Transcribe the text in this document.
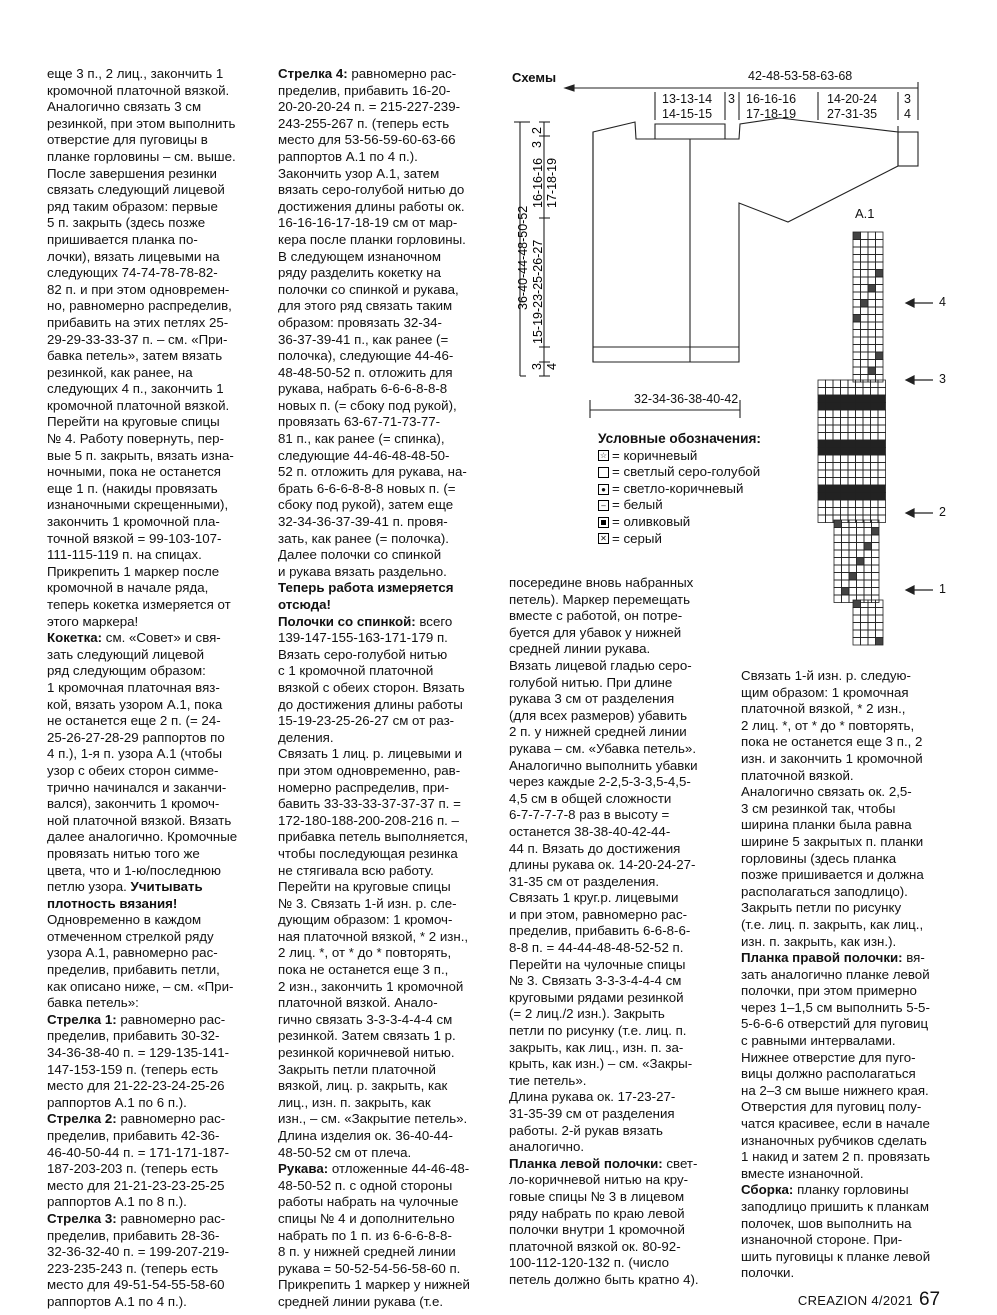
еще 3 п., 2 лиц., закончить 1
кромочной платочной вязкой.
Аналогично связать 3 см
резинкой, при этом выполнить
отверстие для пуговицы в
планке горловины – см. выше.
После завершения резинки
связать следующий лицевой
ряд таким образом: первые
5 п. закрыть (здесь позже
пришивается планка по-
лочки), вязать лицевыми на
следующих 74-74-78-78-82-
82 п. и при этом одновремен-
но, равномерно распределив,
прибавить на этих петлях 25-
29-29-33-33-37 п. – см. «При-
бавка петель», затем вязать
резинкой, как ранее, на
следующих 4 п., закончить 1
кромочной платочной вязкой.
Перейти на круговые спицы
№ 4. Работу повернуть, пер-
вые 5 п. закрыть, вязать изна-
ночными, пока не останется
еще 1 п. (накиды провязать
изнаночными скрещенными),
закончить 1 кромочной пла-
точной вязкой = 99-103-107-
111-115-119 п. на спицах.
Прикрепить 1 маркер после
кромочной в начале ряда,
теперь кокетка измеряется от
этого маркера!
Кокетка: см. «Совет» и свя-
зать следующий лицевой
ряд следующим образом:
1 кромочная платочная вяз-
кой, вязать узором А.1, пока
не останется еще 2 п. (= 24-
25-26-27-28-29 раппортов по
4 п.), 1-я п. узора А.1 (чтобы
узор с обеих сторон симме-
трично начинался и заканчи-
вался), закончить 1 кромоч-
ной платочной вязкой. Вязать
далее аналогично. Кромочные
провязать нитью того же
цвета, что и 1-ю/последнюю
петлю узора. Учитывать
плотность вязания!
Одновременно в каждом
отмеченном стрелкой ряду
узора А.1, равномерно рас-
пределив, прибавить петли,
как описано ниже, – см. «При-
бавка петель»:
Стрелка 1: равномерно рас-
пределив, прибавить 30-32-
34-36-38-40 п. = 129-135-141-
147-153-159 п. (теперь есть
место для 21-22-23-24-25-26
раппортов А.1 по 6 п.).
Стрелка 2: равномерно рас-
пределив, прибавить 42-36-
46-40-50-44 п. = 171-171-187-
187-203-203 п. (теперь есть
место для 21-21-23-23-25-25
раппортов А.1 по 8 п.).
Стрелка 3: равномерно рас-
пределив, прибавить 28-36-
32-36-32-40 п. = 199-207-219-
223-235-243 п. (теперь есть
место для 49-51-54-55-58-60
раппортов А.1 по 4 п.).
Стрелка 4: равномерно рас-
пределив, прибавить 16-20-
20-20-20-24 п. = 215-227-239-
243-255-267 п. (теперь есть
место для 53-56-59-60-63-66
раппортов А.1 по 4 п.).
Закончить узор А.1, затем
вязать серо-голубой нитью до
достижения длины работы ок.
16-16-16-17-18-19 см от мар-
кера после планки горловины.
В следующем изнаночном
ряду разделить кокетку на
полочки со спинкой и рукава,
для этого ряд связать таким
образом: провязать 32-34-
36-37-39-41 п., как ранее (=
полочка), следующие 44-46-
48-48-50-52 п. отложить для
рукава, набрать 6-6-6-8-8-8
новых п. (= сбоку под рукой),
провязать 63-67-71-73-77-
81 п., как ранее (= спинка),
следующие 44-46-48-48-50-
52 п. отложить для рукава, на-
брать 6-6-6-8-8-8 новых п. (=
сбоку под рукой), затем еще
32-34-36-37-39-41 п. провя-
зать, как ранее (= полочка).
Далее полочки со спинкой
и рукава вязать раздельно.
Теперь работа измеряется
отсюда!
Полочки со спинкой: всего
139-147-155-163-171-179 п.
Вязать серо-голубой нитью
с 1 кромочной платочной
вязкой с обеих сторон. Вязать
до достижения длины работы
15-19-23-25-26-27 см от раз-
деления.
Связать 1 лиц. р. лицевыми и
при этом одновременно, рав-
номерно распределив, при-
бавить 33-33-33-37-37-37 п. =
172-180-188-200-208-216 п. –
прибавка петель выполняется,
чтобы последующая резинка
не стягивала всю работу.
Перейти на круговые спицы
№ 3. Связать 1-й изн. р. сле-
дующим образом: 1 кромоч-
ная платочной вязкой, * 2 изн.,
2 лиц. *, от * до * повторять,
пока не останется еще 3 п.,
2 изн., закончить 1 кромочной
платочной вязкой. Анало-
гично связать 3-3-3-4-4-4 см
резинкой. Затем связать 1 р.
резинкой коричневой нитью.
Закрыть петли платочной
вязкой, лиц. р. закрыть, как
лиц., изн. п. закрыть, как
изн., – см. «Закрытие петель».
Длина изделия ок. 36-40-44-
48-50-52 см от плеча.
Рукава: отложенные 44-46-48-
48-50-52 п. с одной стороны
работы набрать на чулочные
спицы № 4 и дополнительно
набрать по 1 п. из 6-6-6-8-8-
8 п. у нижней средней линии
рукава = 50-52-54-56-58-60 п.
Прикрепить 1 маркер у нижней
средней линии рукава (т.е.
посередине вновь набранных
петель). Маркер перемещать
вместе с работой, он потре-
буется для убавок у нижней
средней линии рукава.
Вязать лицевой гладью серо-
голубой нитью. При длине
рукава 3 см от разделения
(для всех размеров) убавить
2 п. у нижней средней линии
рукава – см. «Убавка петель».
Аналогично выполнить убавки
через каждые 2-2,5-3-3,5-4,5-
4,5 см в общей сложности
6-7-7-7-7-8 раз в высоту =
останется 38-38-40-42-44-
44 п. Вязать до достижения
длины рукава ок. 14-20-24-27-
31-35 см от разделения.
Связать 1 круг.р. лицевыми
и при этом, равномерно рас-
пределив, прибавить 6-6-8-6-
8-8 п. = 44-44-48-48-52-52 п.
Перейти на чулочные спицы
№ 3. Связать 3-3-3-4-4-4 см
круговыми рядами резинкой
(= 2 лиц./2 изн.). Закрыть
петли по рисунку (т.е. лиц. п.
закрыть, как лиц., изн. п. за-
крыть, как изн.) – см. «Закры-
тие петель».
Длина рукава ок. 17-23-27-
31-35-39 см от разделения
работы. 2-й рукав вязать
аналогично.
Планка левой полочки: свет-
ло-коричневой нитью на кру-
говые спицы № 3 в лицевом
ряду набрать по краю левой
полочки внутри 1 кромочной
платочной вязкой ок. 80-92-
100-112-120-132 п. (число
петель должно быть кратно 4).
Связать 1-й изн. р. следую-
щим образом: 1 кромочная
платочной вязкой, * 2 изн.,
2 лиц. *, от * до * повторять,
пока не останется еще 3 п., 2
изн. и закончить 1 кромочной
платочной вязкой.
Аналогично связать ок. 2,5-
3 см резинкой так, чтобы
ширина планки была равна
ширине 5 закрытых п. планки
горловины (здесь планка
позже пришивается и должна
располагаться заподлицо).
Закрыть петли по рисунку
(т.е. лиц. п. закрыть, как лиц.,
изн. п. закрыть, как изн.).
Планка правой полочки: вя-
зать аналогично планке левой
полочки, при этом примерно
через 1–1,5 см выполнить 5-5-
5-6-6-6 отверстий для пуговиц
с равными интервалами.
Нижнее отверстие для пуго-
вицы должно располагаться
на 2–3 см выше нижнего края.
Отверстия для пуговиц полу-
чатся красивее, если в начале
изнаночных рубчиков сделать
1 накид и затем 2 п. провязать
вместе изнаночной.
Сборка: планку горловины
заподлицо пришить к планкам
полочек, шов выполнить на
изнаночной стороне. При-
шить пуговицы к планке левой
полочки.
16-16-16 17-18-19
36-40-44-48-50-52 15-19-23-25-26-27
2
3
3 4
Схемы	42-48-53-58-63-68
13-13-14
14-15-15
3 16-16-16
17-18-19
14-20-24
27-31-35
3
4
32-34-36-38-40-42
A.1
4
3
2
1
Условные обозначения:
☆ = коричневый
= светлый серо-голубой
● = светло-коричневый
– = белый
= оливковый
✕ = серый

CREAZION 4/2021 67
